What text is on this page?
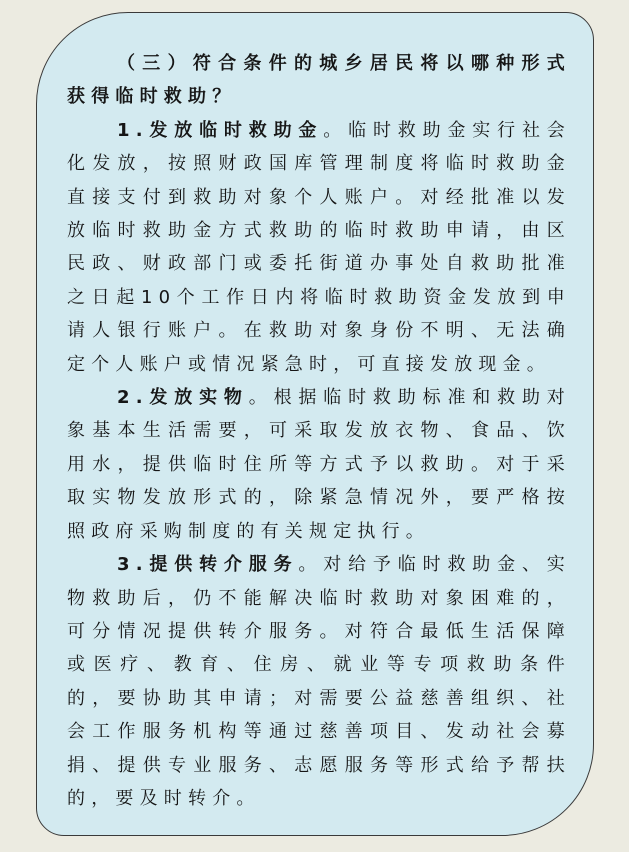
（三）符合条件的城乡居民将以哪种形式获得临时救助？

1.发放临时救助金。临时救助金实行社会化发放，按照财政国库管理制度将临时救助金直接支付到救助对象个人账户。对经批准以发放临时救助金方式救助的临时救助申请，由区民政、财政部门或委托街道办事处自救助批准之日起10个工作日内将临时救助资金发放到申请人银行账户。在救助对象身份不明、无法确定个人账户或情况紧急时，可直接发放现金。

2.发放实物。根据临时救助标准和救助对象基本生活需要，可采取发放衣物、食品、饮用水，提供临时住所等方式予以救助。对于采取实物发放形式的，除紧急情况外，要严格按照政府采购制度的有关规定执行。

3.提供转介服务。对给予临时救助金、实物救助后，仍不能解决临时救助对象困难的，可分情况提供转介服务。对符合最低生活保障或医疗、教育、住房、就业等专项救助条件的，要协助其申请；对需要公益慈善组织、社会工作服务机构等通过慈善项目、发动社会募捐、提供专业服务、志愿服务等形式给予帮扶的，要及时转介。
